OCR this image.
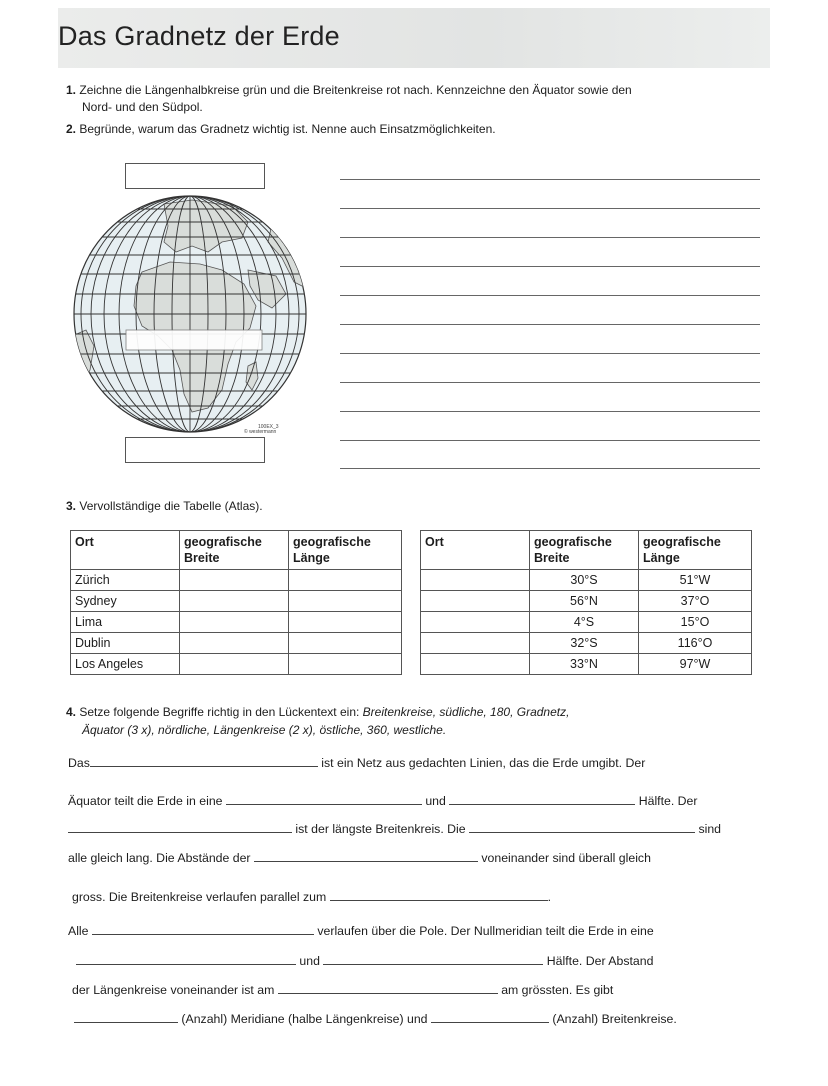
Das Gradnetz der Erde
1. Zeichne die Längenhalbkreise grün und die Breitenkreise rot nach. Kennzeichne den Äquator sowie den
Nord- und den Südpol.
2. Begründe, warum das Gradnetz wichtig ist. Nenne auch Einsatzmöglichkeiten.
100EX_3
© westermann
3. Vervollständige die Tabelle (Atlas).
Ort	geografische Breite	geografische Länge
Zürich		
Sydney		
Lima		
Dublin		
Los Angeles		
Ort	geografische Breite	geografische Länge
	30°S	51°W
	56°N	37°O
	4°S	15°O
	32°S	116°O
	33°N	97°W
4. Setze folgende Begriffe richtig in den Lückentext ein: Breitenkreise, südliche, 180, Gradnetz,
Äquator (3 x), nördliche, Längenkreise (2 x), östliche, 360, westliche.
Das	ist ein Netz aus gedachten Linien, das die Erde umgibt. Der
Äquator teilt die Erde in eine	und	Hälfte. Der
ist der längste Breitenkreis. Die	sind
alle gleich lang. Die Abstände der	voneinander sind überall gleich
gross. Die Breitenkreise verlaufen parallel zum	.
Alle	verlaufen über die Pole. Der Nullmeridian teilt die Erde in eine
und	Hälfte. Der Abstand
der Längenkreise voneinander ist am	am grössten. Es gibt
(Anzahl) Meridiane (halbe Längenkreise) und	(Anzahl) Breitenkreise.
